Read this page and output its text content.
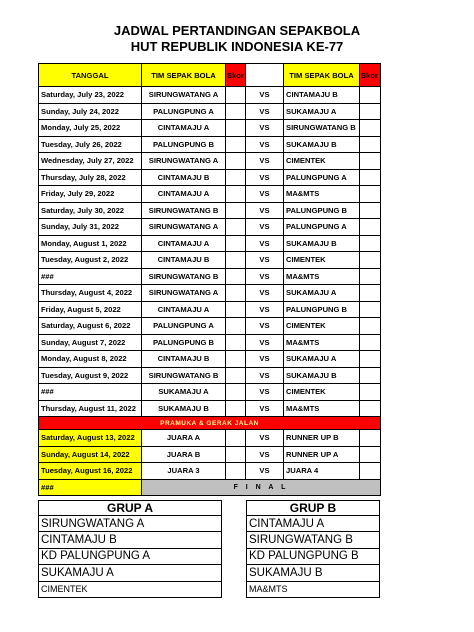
JADWAL PERTANDINGAN SEPAKBOLA
HUT REPUBLIK INDONESIA KE-77
TANGGAL	TIM SEPAK BOLA	Skor		TIM SEPAK BOLA	Skor
Saturday, July 23, 2022	SIRUNGWATANG A		VS	CINTAMAJU B	
Sunday, July 24, 2022	PALUNGPUNG A		VS	SUKAMAJU A	
Monday, July 25, 2022	CINTAMAJU A		VS	SIRUNGWATANG B	
Tuesday, July 26, 2022	PALUNGPUNG B		VS	SUKAMAJU B	
Wednesday, July 27, 2022	SIRUNGWATANG A		VS	CIMENTEK	
Thursday, July 28, 2022	CINTAMAJU B		VS	PALUNGPUNG A	
Friday, July 29, 2022	CINTAMAJU A		VS	MA&MTS	
Saturday, July 30, 2022	SIRUNGWATANG B		VS	PALUNGPUNG B	
Sunday, July 31, 2022	SIRUNGWATANG A		VS	PALUNGPUNG A	
Monday, August 1, 2022	CINTAMAJU A		VS	SUKAMAJU B	
Tuesday, August 2, 2022	CINTAMAJU B		VS	CIMENTEK	
###	SIRUNGWATANG B		VS	MA&MTS	
Thursday, August 4, 2022	SIRUNGWATANG A		VS	SUKAMAJU A	
Friday, August 5, 2022	CINTAMAJU A		VS	PALUNGPUNG B	
Saturday, August 6, 2022	PALUNGPUNG A		VS	CIMENTEK	
Sunday, August 7, 2022	PALUNGPUNG B		VS	MA&MTS	
Monday, August 8, 2022	CINTAMAJU B		VS	SUKAMAJU A	
Tuesday, August 9, 2022	SIRUNGWATANG B		VS	SUKAMAJU B	
###	SUKAMAJU A		VS	CIMENTEK	
Thursday, August 11, 2022	SUKAMAJU B		VS	MA&MTS	
PRAMUKA & GERAK JALAN					
Saturday, August 13, 2022	JUARA A		VS	RUNNER UP B	
Sunday, August 14, 2022	JUARA B		VS	RUNNER UP A	
Tuesday, August 16, 2022	JUARA 3		VS	JUARA 4	
###	F I N A L				
GRUP A
SIRUNGWATANG A
CINTAMAJU B
KD PALUNGPUNG A
SUKAMAJU A
CIMENTEK
GRUP B
CINTAMAJU A
SIRUNGWATANG B
KD PALUNGPUNG B
SUKAMAJU B
MA&MTS
